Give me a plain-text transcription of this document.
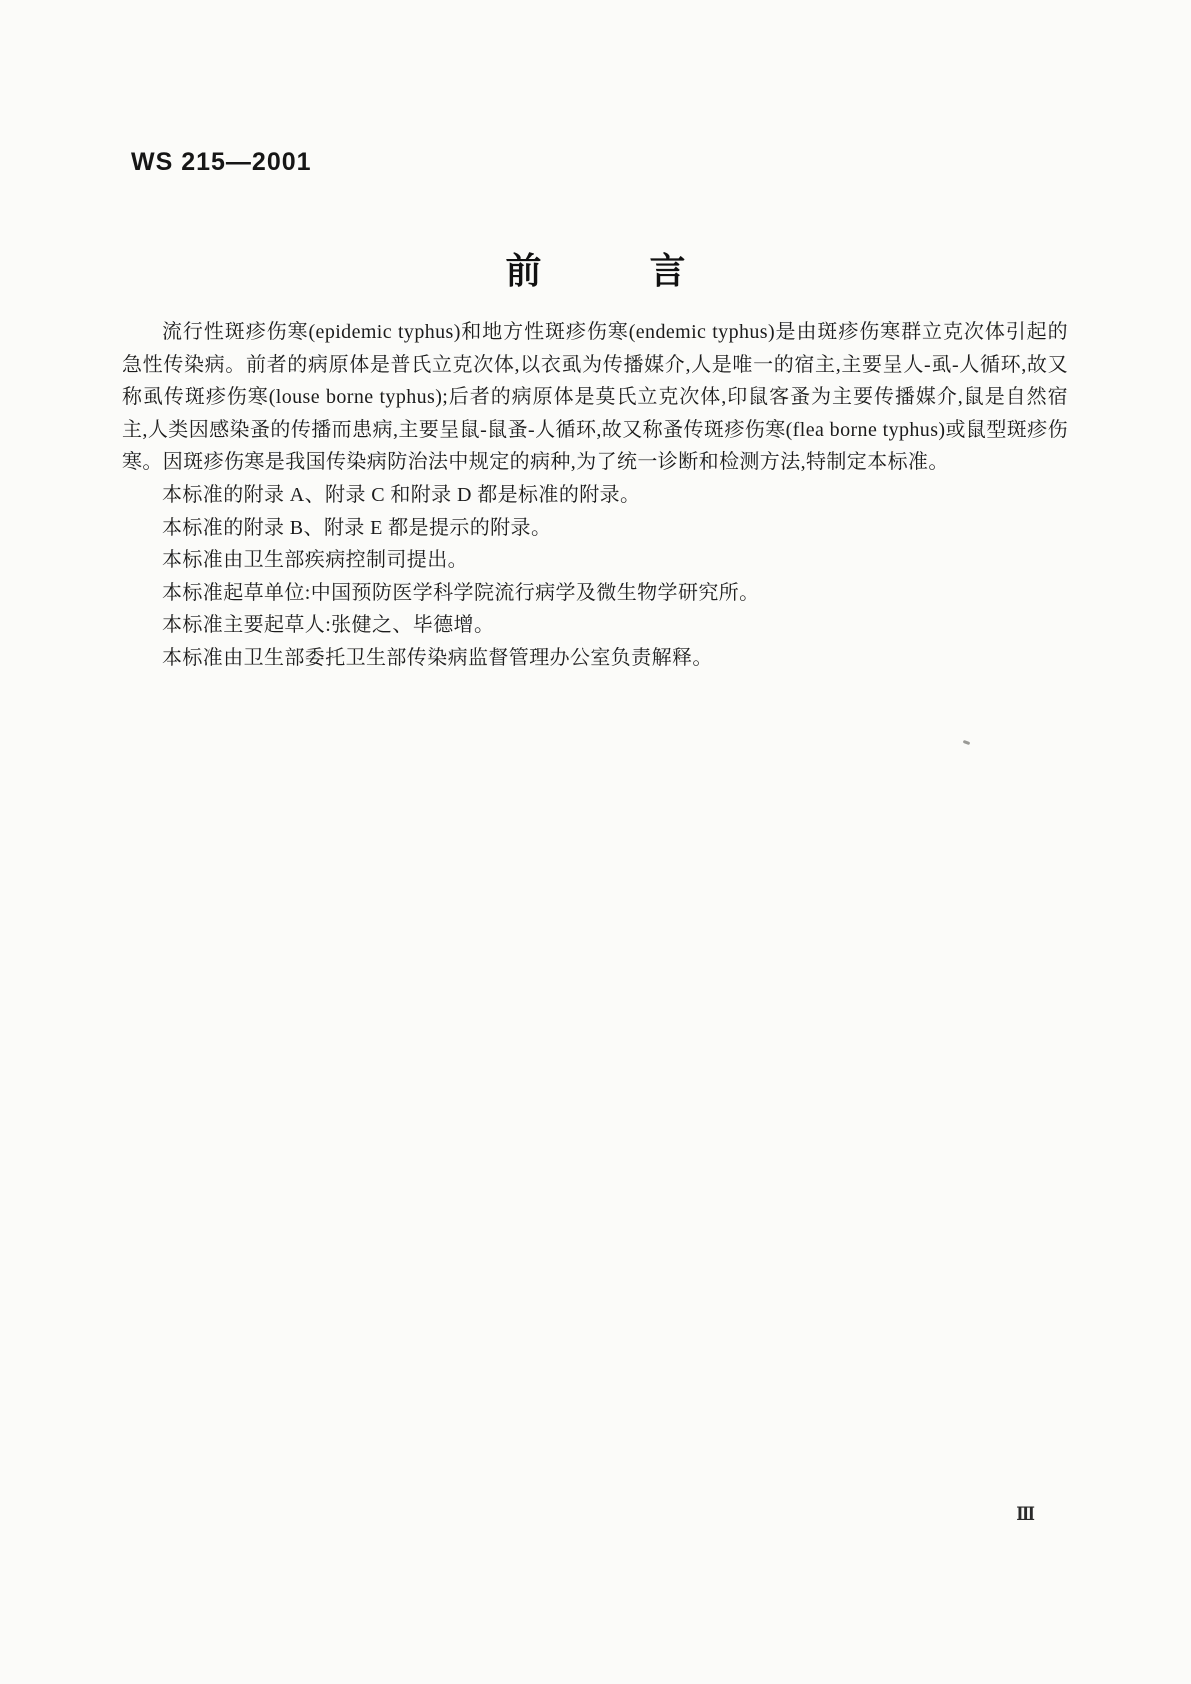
WS 215—2001
前　　　言

流行性斑疹伤寒(epidemic typhus)和地方性斑疹伤寒(endemic typhus)是由斑疹伤寒群立克次体引起的急性传染病。前者的病原体是普氏立克次体,以衣虱为传播媒介,人是唯一的宿主,主要呈人-虱-人循环,故又称虱传斑疹伤寒(louse borne typhus);后者的病原体是莫氏立克次体,印鼠客蚤为主要传播媒介,鼠是自然宿主,人类因感染蚤的传播而患病,主要呈鼠-鼠蚤-人循环,故又称蚤传斑疹伤寒(flea borne typhus)或鼠型斑疹伤寒。因斑疹伤寒是我国传染病防治法中规定的病种,为了统一诊断和检测方法,特制定本标准。

本标准的附录 A、附录 C 和附录 D 都是标准的附录。

本标准的附录 B、附录 E 都是提示的附录。

本标准由卫生部疾病控制司提出。

本标准起草单位:中国预防医学科学院流行病学及微生物学研究所。

本标准主要起草人:张健之、毕德增。

本标准由卫生部委托卫生部传染病监督管理办公室负责解释。

Ⅲ
